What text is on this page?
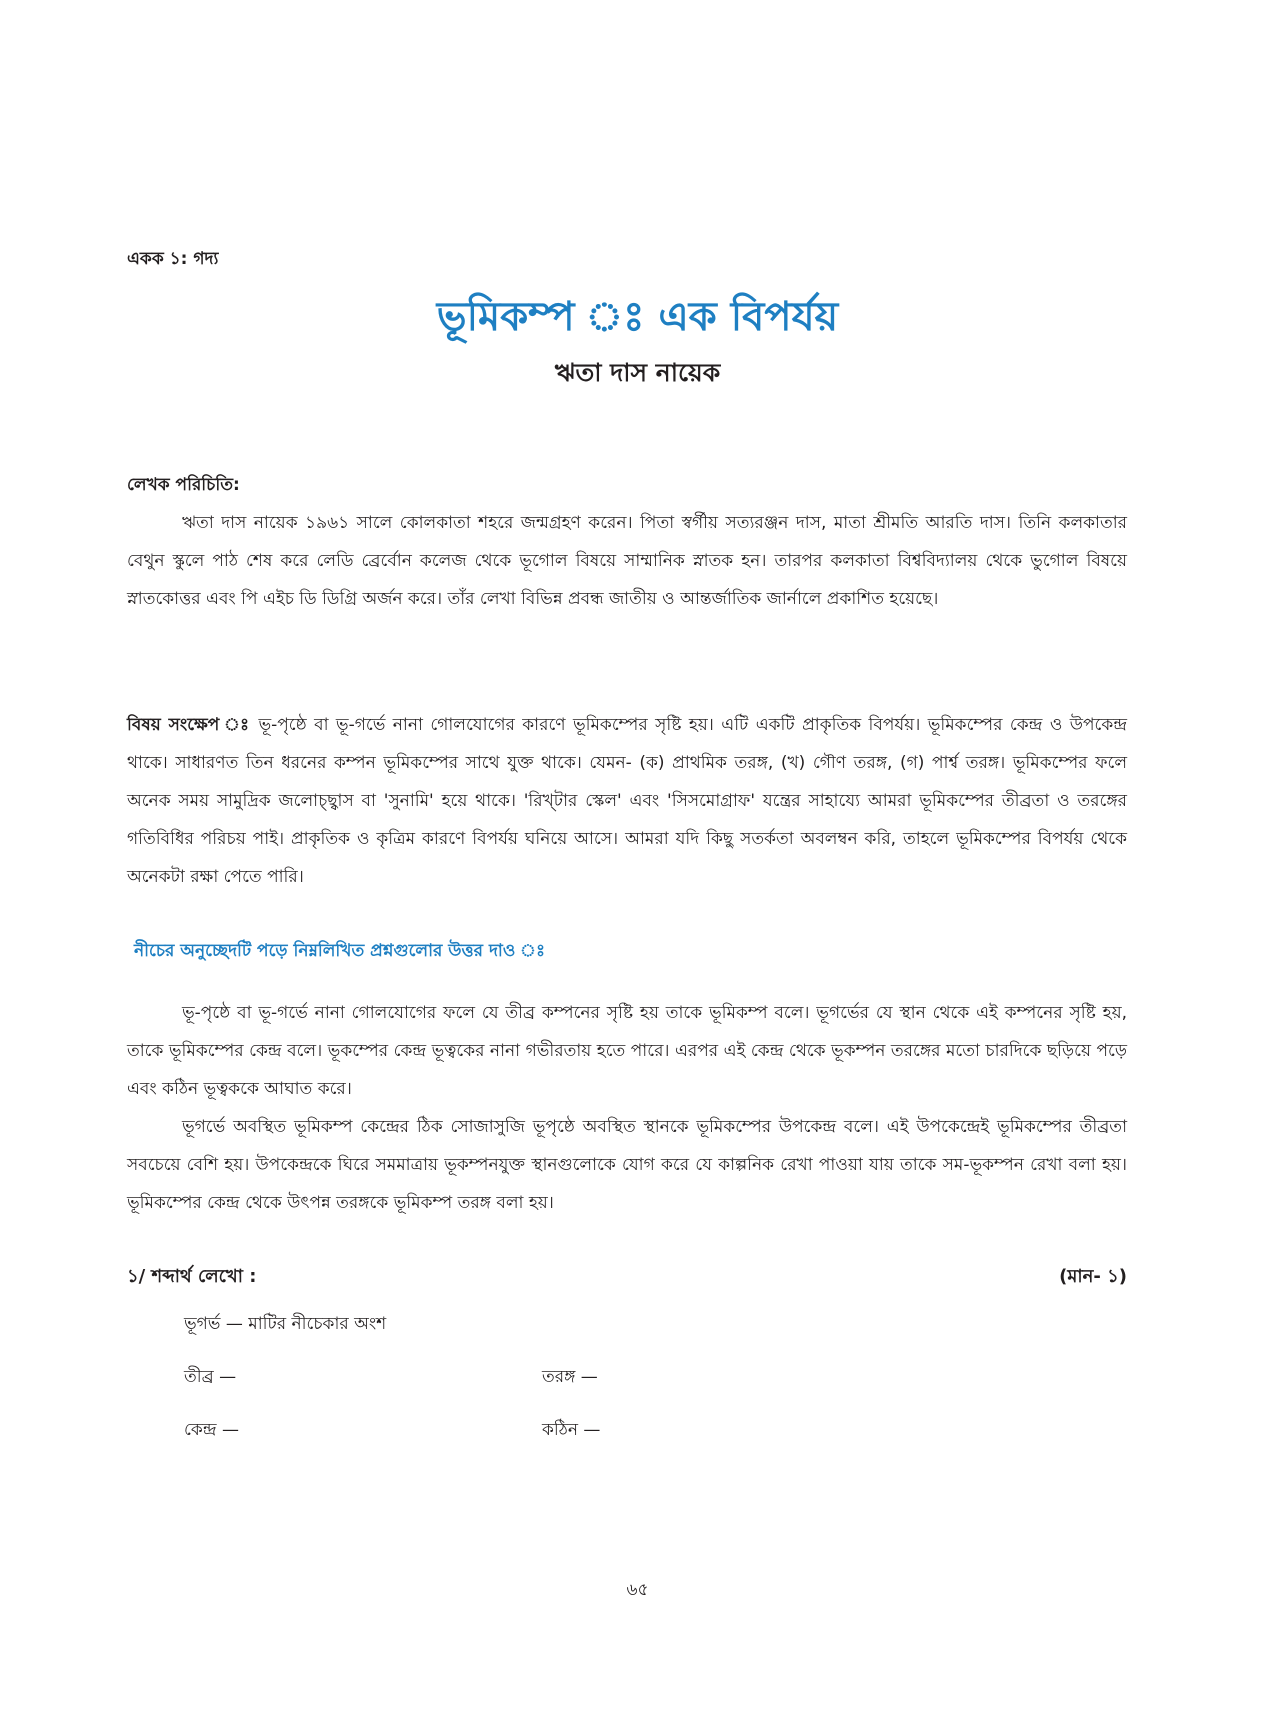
একক ১: গদ্য
ভূমিকম্প ঃ এক বিপর্যয়
ঋতা দাস নায়েক
লেখক পরিচিতি:
ঋতা দাস নায়েক ১৯৬১ সালে কোলকাতা শহরে জন্মগ্রহণ করেন। পিতা স্বর্গীয় সত্যরঞ্জন দাস, মাতা শ্রীমতি আরতি দাস। তিনি কলকাতার বেথুন স্কুলে পাঠ শেষ করে লেডি ব্রের্বোন কলেজ থেকে ভূগোল বিষয়ে সাম্মানিক স্নাতক হন। তারপর কলকাতা বিশ্ববিদ্যালয় থেকে ভুগোল বিষয়ে স্নাতকোত্তর এবং পি এইচ ডি ডিগ্রি অর্জন করে। তাঁর লেখা বিভিন্ন প্রবন্ধ জাতীয় ও আন্তর্জাতিক জার্নালে প্রকাশিত হয়েছে।
বিষয় সংক্ষেপ ঃ ভূ-পৃষ্ঠে বা ভূ-গর্ভে নানা গোলযোগের কারণে ভূমিকম্পের সৃষ্টি হয়। এটি একটি প্রাকৃতিক বিপর্যয়। ভূমিকম্পের কেন্দ্র ও উপকেন্দ্র থাকে। সাধারণত তিন ধরনের কম্পন ভূমিকম্পের সাথে যুক্ত থাকে। যেমন- (ক) প্রাথমিক তরঙ্গ, (খ) গৌণ তরঙ্গ, (গ) পার্শ্ব তরঙ্গ। ভূমিকম্পের ফলে অনেক সময় সামুদ্রিক জলোচ্ছ্বাস বা 'সুনামি' হয়ে থাকে। 'রিখ্টার স্কেল' এবং 'সিসমোগ্রাফ' যন্ত্রের সাহায্যে আমরা ভূমিকম্পের তীব্রতা ও তরঙ্গের গতিবিধির পরিচয় পাই। প্রাকৃতিক ও কৃত্রিম কারণে বিপর্যয় ঘনিয়ে আসে। আমরা যদি কিছু সতর্কতা অবলম্বন করি, তাহলে ভূমিকম্পের বিপর্যয় থেকে অনেকটা রক্ষা পেতে পারি।
নীচের অনুচ্ছেদটি পড়ে নিম্নলিখিত প্রশ্নগুলোর উত্তর দাও ঃ
ভূ-পৃষ্ঠে বা ভূ-গর্ভে নানা গোলযোগের ফলে যে তীব্র কম্পনের সৃষ্টি হয় তাকে ভূমিকম্প বলে। ভূগর্ভের যে স্থান থেকে এই কম্পনের সৃষ্টি হয়, তাকে ভূমিকম্পের কেন্দ্র বলে। ভূকম্পের কেন্দ্র ভূত্বকের নানা গভীরতায় হতে পারে। এরপর এই কেন্দ্র থেকে ভূকম্পন তরঙ্গের মতো চারদিকে ছড়িয়ে পড়ে এবং কঠিন ভূত্বককে আঘাত করে।
ভূগর্ভে অবস্থিত ভূমিকম্প কেন্দ্রের ঠিক সোজাসুজি ভূপৃষ্ঠে অবস্থিত স্থানকে ভূমিকম্পের উপকেন্দ্র বলে। এই উপকেন্দ্রেই ভূমিকম্পের তীব্রতা সবচেয়ে বেশি হয়। উপকেন্দ্রকে ঘিরে সমমাত্রায় ভূকম্পনযুক্ত স্থানগুলোকে যোগ করে যে কাল্পনিক রেখা পাওয়া যায় তাকে সম-ভূকম্পন রেখা বলা হয়। ভূমিকম্পের কেন্দ্র থেকে উৎপন্ন তরঙ্গকে ভূমিকম্প তরঙ্গ বলা হয়।
১/ শব্দার্থ লেখো :	(মান- ১)
ভূগর্ভ — মাটির নীচেকার অংশ
তীব্র —	তরঙ্গ —
কেন্দ্র —	কঠিন —
৬৫
